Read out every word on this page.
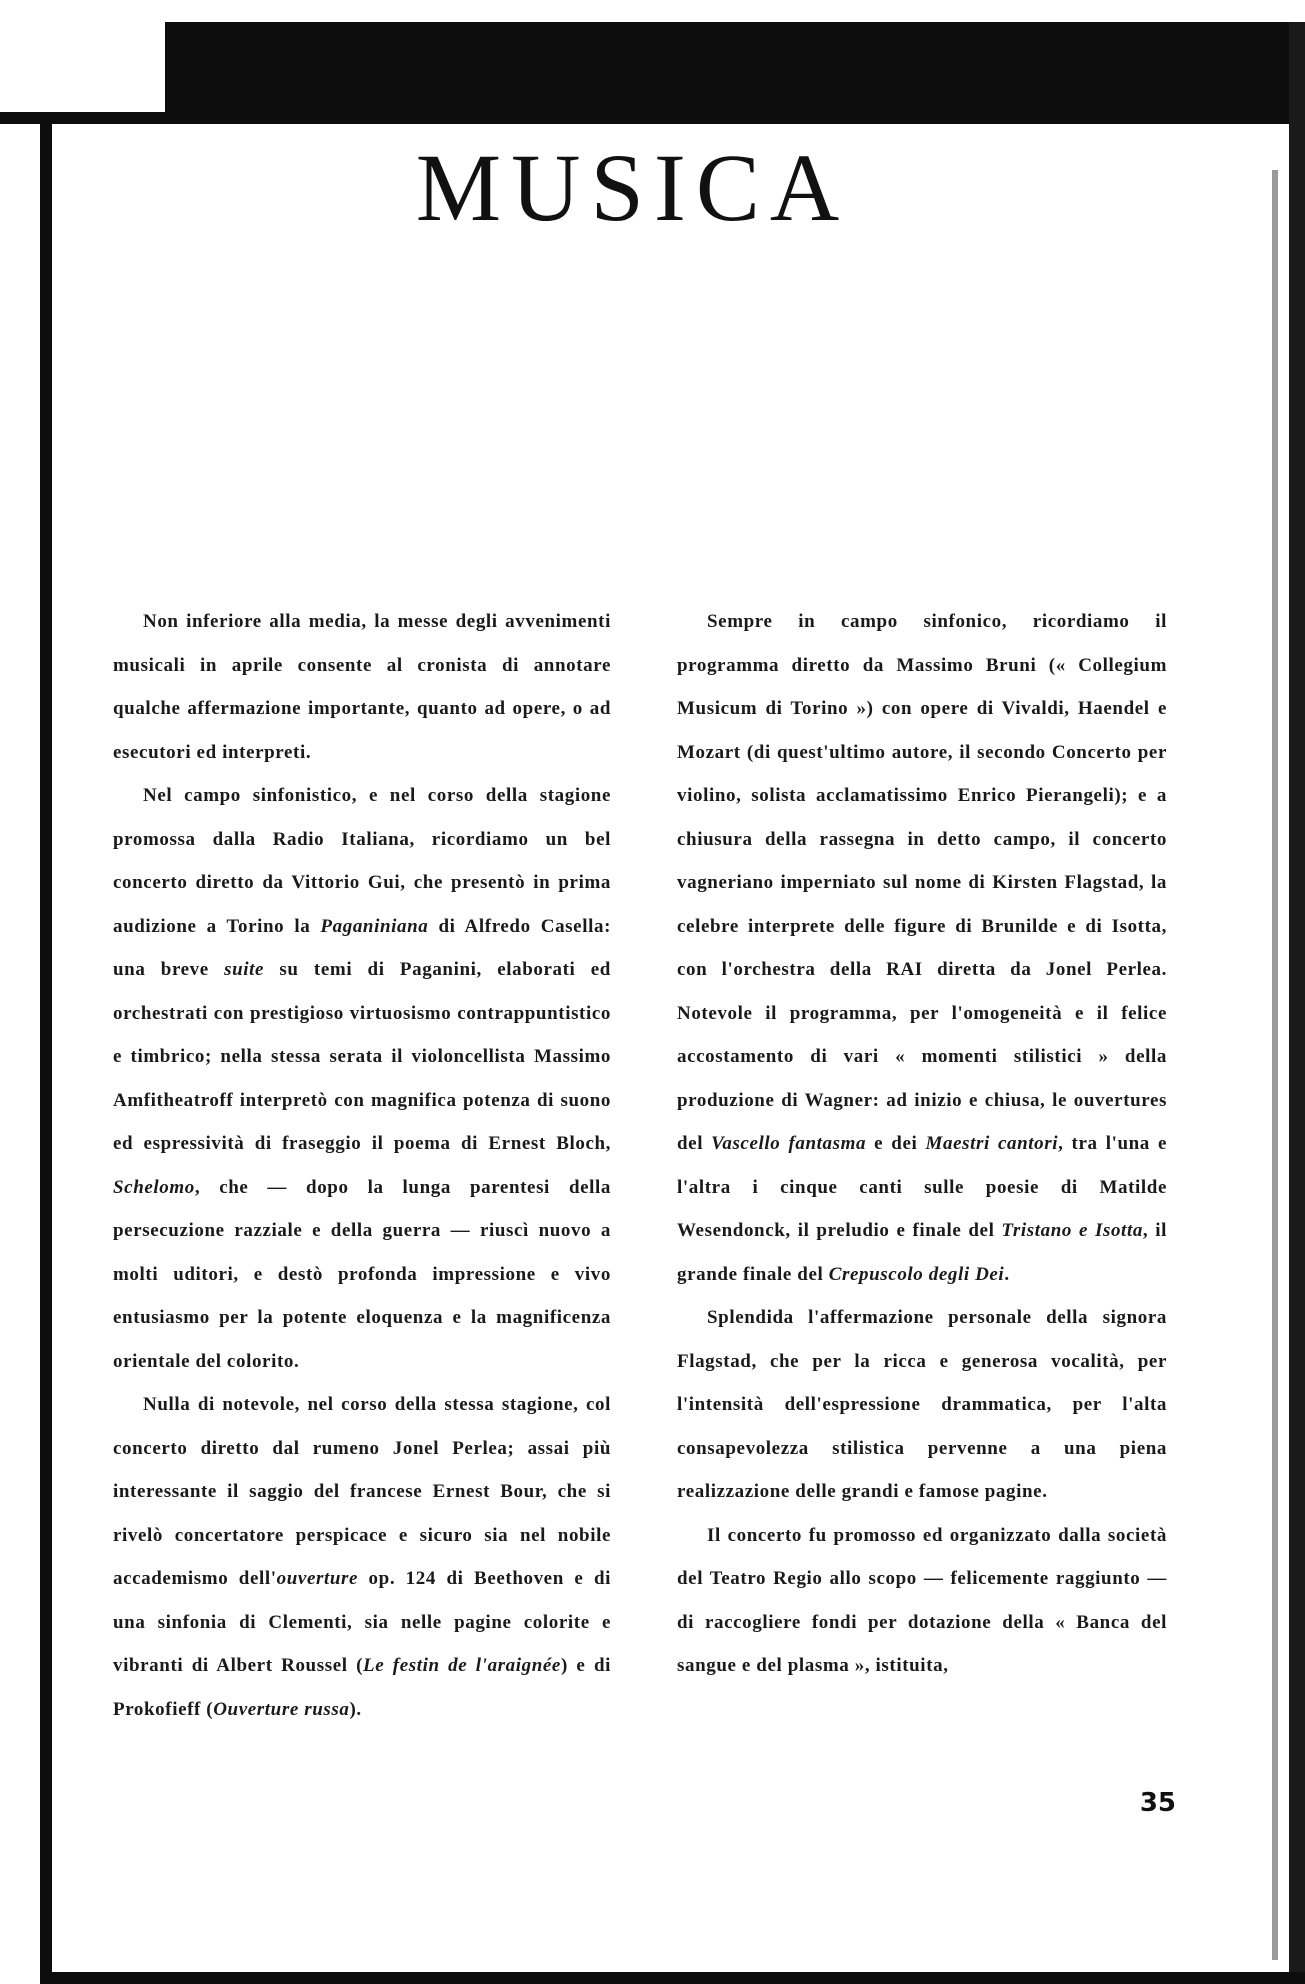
MUSICA

Non inferiore alla media, la messe degli avvenimenti musicali in aprile consente al cronista di annotare qualche affermazione importante, quanto ad opere, o ad esecutori ed interpreti.

Nel campo sinfonistico, e nel corso della stagione promossa dalla Radio Italiana, ricordiamo un bel concerto diretto da Vittorio Gui, che presentò in prima audizione a Torino la Paganiniana di Alfredo Casella: una breve suite su temi di Paganini, elaborati ed orchestrati con prestigioso virtuosismo contrappuntistico e timbrico; nella stessa serata il violoncellista Massimo Amfitheatroff interpretò con magnifica potenza di suono ed espressività di fraseggio il poema di Ernest Bloch, Schelomo, che — dopo la lunga parentesi della persecuzione razziale e della guerra — riuscì nuovo a molti uditori, e destò profonda impressione e vivo entusiasmo per la potente eloquenza e la magnificenza orientale del colorito.

Nulla di notevole, nel corso della stessa stagione, col concerto diretto dal rumeno Jonel Perlea; assai più interessante il saggio del francese Ernest Bour, che si rivelò concertatore perspicace e sicuro sia nel nobile accademismo dell'ouverture op. 124 di Beethoven e di una sinfonia di Clementi, sia nelle pagine colorite e vibranti di Albert Roussel (Le festin de l'araignée) e di Prokofieff (Ouverture russa).

Sempre in campo sinfonico, ricordiamo il programma diretto da Massimo Bruni (« Collegium Musicum di Torino ») con opere di Vivaldi, Haendel e Mozart (di quest'ultimo autore, il secondo Concerto per violino, solista acclamatissimo Enrico Pierangeli); e a chiusura della rassegna in detto campo, il concerto vagneriano imperniato sul nome di Kirsten Flagstad, la celebre interprete delle figure di Brunilde e di Isotta, con l'orchestra della RAI diretta da Jonel Perlea. Notevole il programma, per l'omogeneità e il felice accostamento di vari « momenti stilistici » della produzione di Wagner: ad inizio e chiusa, le ouvertures del Vascello fantasma e dei Maestri cantori, tra l'una e l'altra i cinque canti sulle poesie di Matilde Wesendonck, il preludio e finale del Tristano e Isotta, il grande finale del Crepuscolo degli Dei.

Splendida l'affermazione personale della signora Flagstad, che per la ricca e generosa vocalità, per l'intensità dell'espressione drammatica, per l'alta consapevolezza stilistica pervenne a una piena realizzazione delle grandi e famose pagine.

Il concerto fu promosso ed organizzato dalla società del Teatro Regio allo scopo — felicemente raggiunto — di raccogliere fondi per dotazione della « Banca del sangue e del plasma », istituita,

35
